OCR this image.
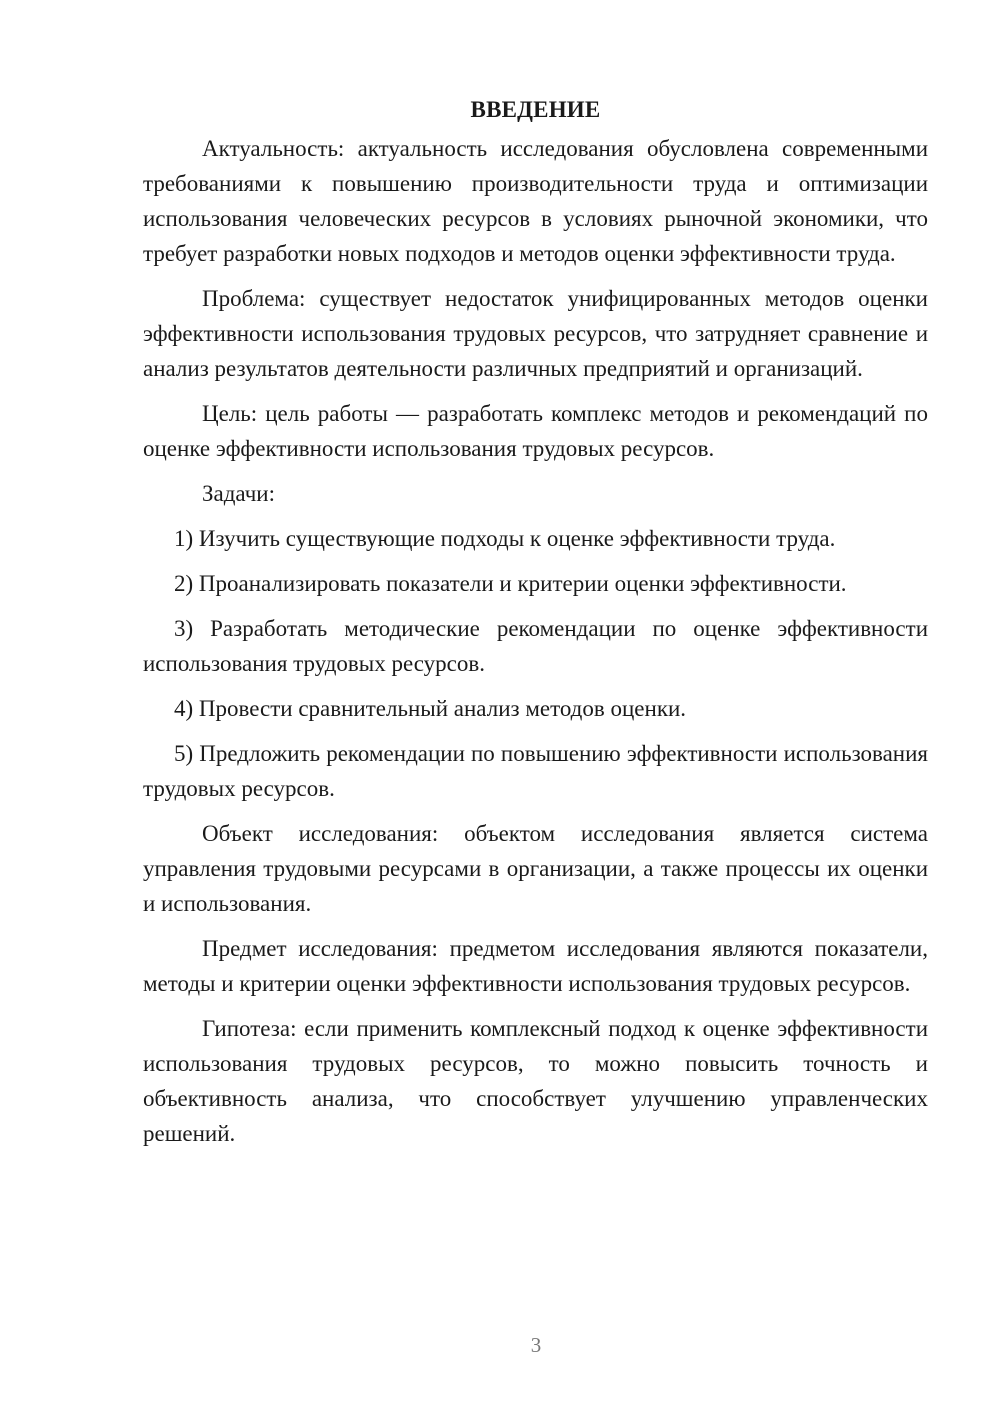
ВВЕДЕНИЕ

Актуальность: актуальность исследования обусловлена современными требованиями к повышению производительности труда и оптимизации использования человеческих ресурсов в условиях рыночной экономики, что требует разработки новых подходов и методов оценки эффективности труда.

Проблема: существует недостаток унифицированных методов оценки эффективности использования трудовых ресурсов, что затрудняет сравнение и анализ результатов деятельности различных предприятий и организаций.

Цель: цель работы — разработать комплекс методов и рекомендаций по оценке эффективности использования трудовых ресурсов.

Задачи:

1) Изучить существующие подходы к оценке эффективности труда.

2) Проанализировать показатели и критерии оценки эффективности.

3) Разработать методические рекомендации по оценке эффективности использования трудовых ресурсов.

4) Провести сравнительный анализ методов оценки.

5) Предложить рекомендации по повышению эффективности использования трудовых ресурсов.

Объект исследования: объектом исследования является система управления трудовыми ресурсами в организации, а также процессы их оценки и использования.

Предмет исследования: предметом исследования являются показатели, методы и критерии оценки эффективности использования трудовых ресурсов.

Гипотеза: если применить комплексный подход к оценке эффективности использования трудовых ресурсов, то можно повысить точность и объективность анализа, что способствует улучшению управленческих решений.

3
